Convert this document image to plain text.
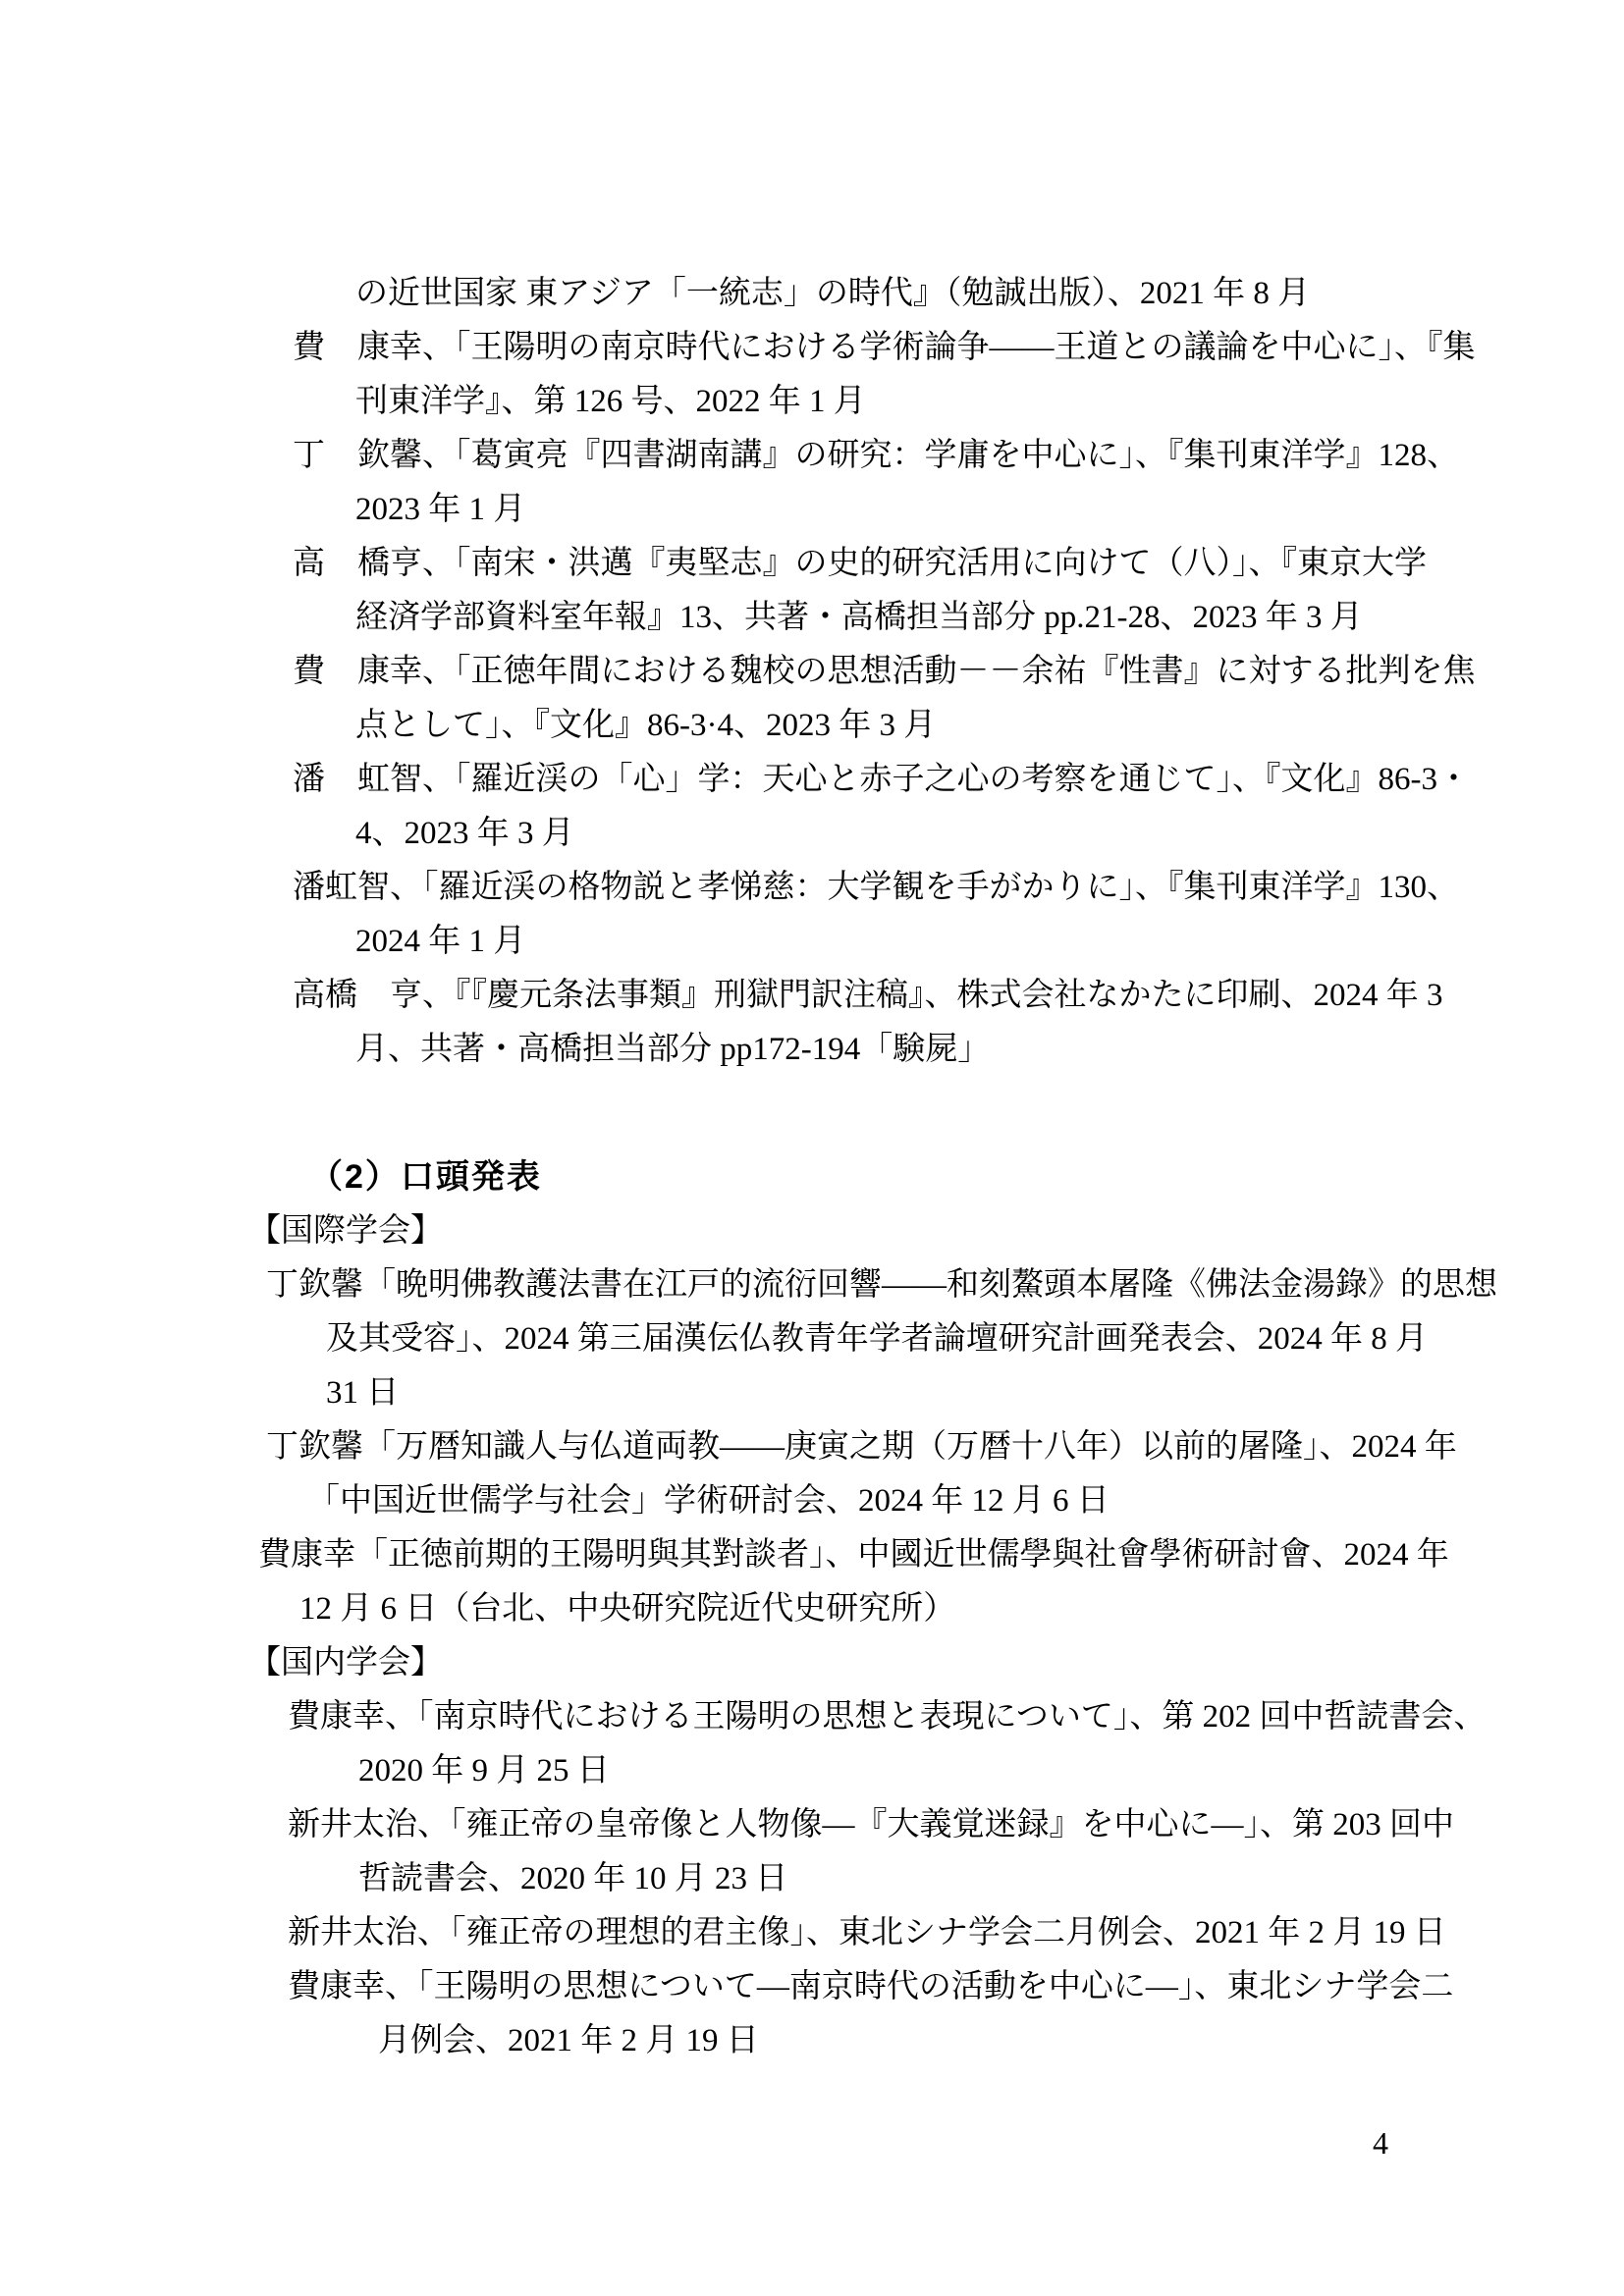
の近世国家 東アジア「一統志」の時代』（勉誠出版）、2021 年 8 月
費　康幸、「王陽明の南京時代における学術論争——王道との議論を中心に」、『集
刊東洋学』、第 126 号、2022 年 1 月
丁　欽馨、「葛寅亮『四書湖南講』の研究：学庸を中心に」、『集刊東洋学』128、
2023 年 1 月
高　橋亨、「南宋・洪邁『夷堅志』の史的研究活用に向けて（八）」、『東京大学
経済学部資料室年報』13、共著・高橋担当部分 pp.21-28、2023 年 3 月
費　康幸、「正徳年間における魏校の思想活動－－余祐『性書』に対する批判を焦
点として」、『文化』86-3·4、2023 年 3 月
潘　虹智、「羅近渓の「心」学：天心と赤子之心の考察を通じて」、『文化』86-3・
4、2023 年 3 月
潘虹智、「羅近渓の格物説と孝悌慈：大学観を手がかりに」、『集刊東洋学』130、
2024 年 1 月
高橋　亨、『『慶元条法事類』刑獄門訳注稿』、株式会社なかたに印刷、2024 年 3
月、共著・高橋担当部分 pp172-194「験屍」
（2）口頭発表
【国際学会】
丁欽馨「晩明佛教護法書在江戸的流衍回響——和刻鰲頭本屠隆《佛法金湯錄》的思想
及其受容」、2024 第三届漢伝仏教青年学者論壇研究計画発表会、2024 年 8 月
31 日
丁欽馨「万暦知識人与仏道両教——庚寅之期（万暦十八年）以前的屠隆」、2024 年
「中国近世儒学与社会」学術研討会、2024 年 12 月 6 日
費康幸「正徳前期的王陽明與其對談者」、中國近世儒學與社會學術研討會、2024 年
12 月 6 日（台北、中央研究院近代史研究所）
【国内学会】
費康幸、「南京時代における王陽明の思想と表現について」、第 202 回中哲読書会、
2020 年 9 月 25 日
新井太治、「雍正帝の皇帝像と人物像―『大義覚迷録』を中心に―」、第 203 回中
哲読書会、2020 年 10 月 23 日
新井太治、「雍正帝の理想的君主像」、東北シナ学会二月例会、2021 年 2 月 19 日
費康幸、「王陽明の思想について―南京時代の活動を中心に―」、東北シナ学会二
月例会、2021 年 2 月 19 日
4
